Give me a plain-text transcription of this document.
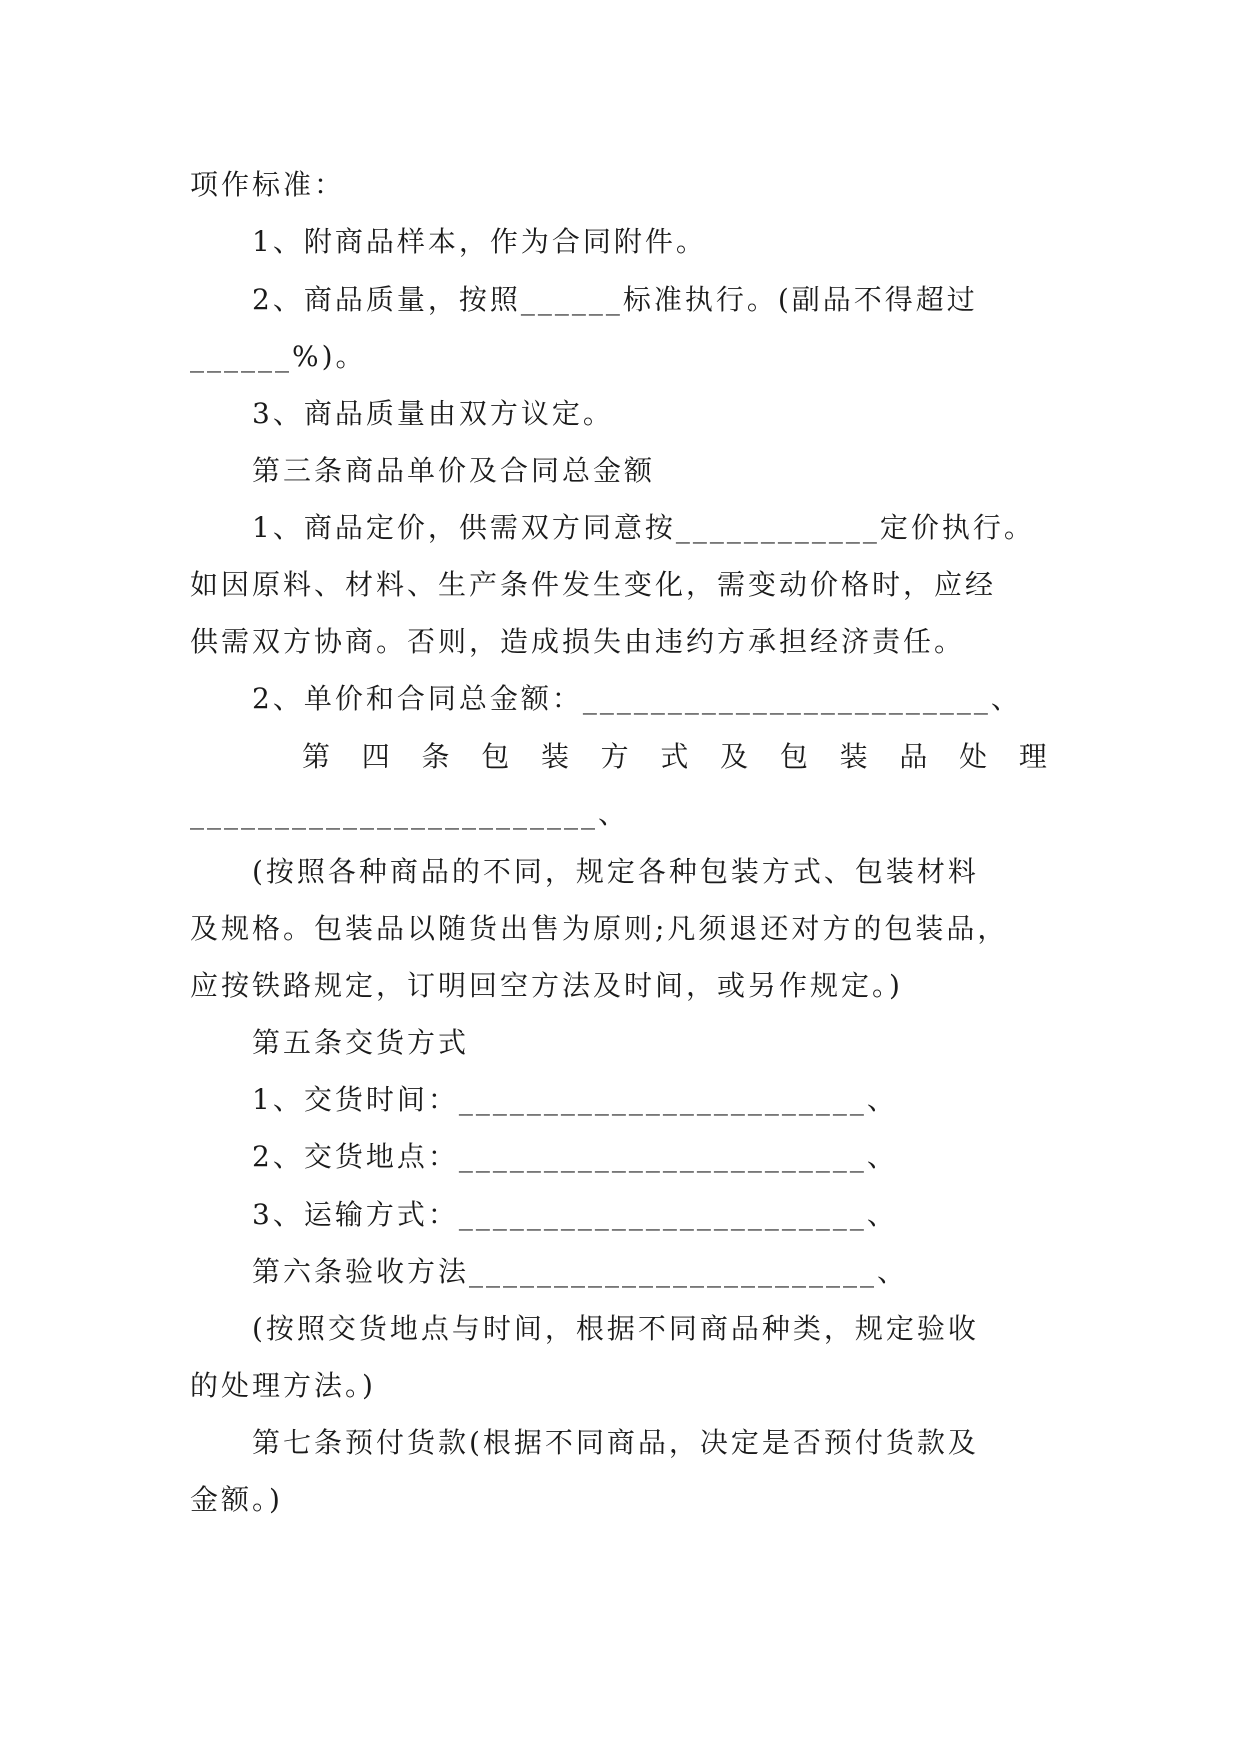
项作标准：
1、附商品样本，作为合同附件。
2、商品质量，按照______标准执行。(副品不得超过
______%)。
3、商品质量由双方议定。
第三条商品单价及合同总金额
1、商品定价，供需双方同意按____________定价执行。
如因原料、材料、生产条件发生变化，需变动价格时，应经
供需双方协商。否则，造成损失由违约方承担经济责任。
2、单价和合同总金额：________________________、
第 四 条 包 装 方 式 及 包 装 品 处 理
________________________、
(按照各种商品的不同，规定各种包装方式、包装材料
及规格。包装品以随货出售为原则;凡须退还对方的包装品，
应按铁路规定，订明回空方法及时间，或另作规定。)
第五条交货方式
1、交货时间：________________________、
2、交货地点：________________________、
3、运输方式：________________________、
第六条验收方法________________________、
(按照交货地点与时间，根据不同商品种类，规定验收
的处理方法。)
第七条预付货款(根据不同商品，决定是否预付货款及
金额。)
